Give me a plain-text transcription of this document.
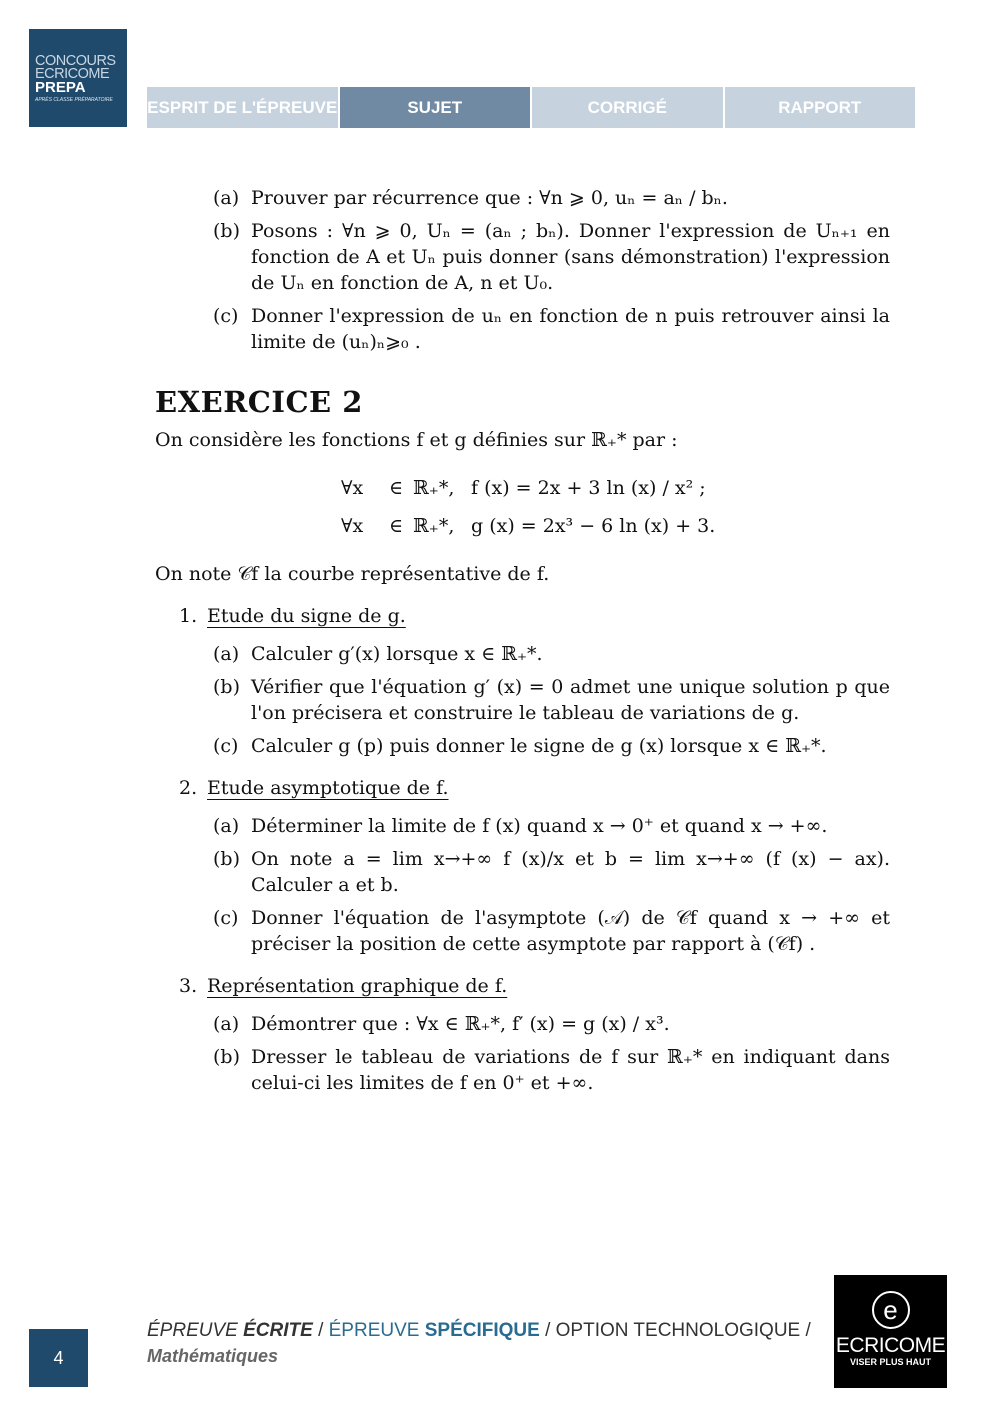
CONCOURS
ECRICOME
PREPA
APRÈS CLASSE PRÉPARATOIRE	ESPRIT DE L'ÉPREUVE	SUJET	CORRIGÉ	RAPPORT
(a) Prouver par récurrence que : ∀n ⩾ 0, uₙ = aₙ / bₙ.
(b) Posons : ∀n ⩾ 0, Uₙ = (aₙ ; bₙ). Donner l'expression de Uₙ₊₁ en fonction de A et Uₙ puis donner (sans démonstration) l'expression de Uₙ en fonction de A, n et U₀.
(c) Donner l'expression de uₙ en fonction de n puis retrouver ainsi la limite de (uₙ)ₙ⩾₀ .
EXERCICE 2
On considère les fonctions f et g définies sur ℝ₊* par :
∀x	∈ ℝ₊*, f (x) = 2x + 3 ln (x) / x² ;
∀x	∈ ℝ₊*, g (x) = 2x³ − 6 ln (x) + 3.
On note 𝒞f la courbe représentative de f.
1. Etude du signe de g.
(a) Calculer g′(x) lorsque x ∈ ℝ₊*.
(b) Vérifier que l'équation g′ (x) = 0 admet une unique solution p que l'on précisera et construire le tableau de variations de g.
(c) Calculer g (p) puis donner le signe de g (x) lorsque x ∈ ℝ₊*.
2. Etude asymptotique de f.
(a) Déterminer la limite de f (x) quand x → 0⁺ et quand x → +∞.
(b) On note a = lim x→+∞ f (x)/x et b = lim x→+∞ (f (x) − ax). Calculer a et b.
(c) Donner l'équation de l'asymptote (𝒜) de 𝒞f quand x → +∞ et préciser la position de cette asymptote par rapport à (𝒞f) .
3. Représentation graphique de f.
(a) Démontrer que : ∀x ∈ ℝ₊*, f′ (x) = g (x) / x³.
(b) Dresser le tableau de variations de f sur ℝ₊* en indiquant dans celui-ci les limites de f en 0⁺ et +∞.
4
ÉPREUVE ÉCRITE / ÉPREUVE SPÉCIFIQUE / OPTION TECHNOLOGIQUE /
Mathématiques
e
ECRICOME
VISER PLUS HAUT
